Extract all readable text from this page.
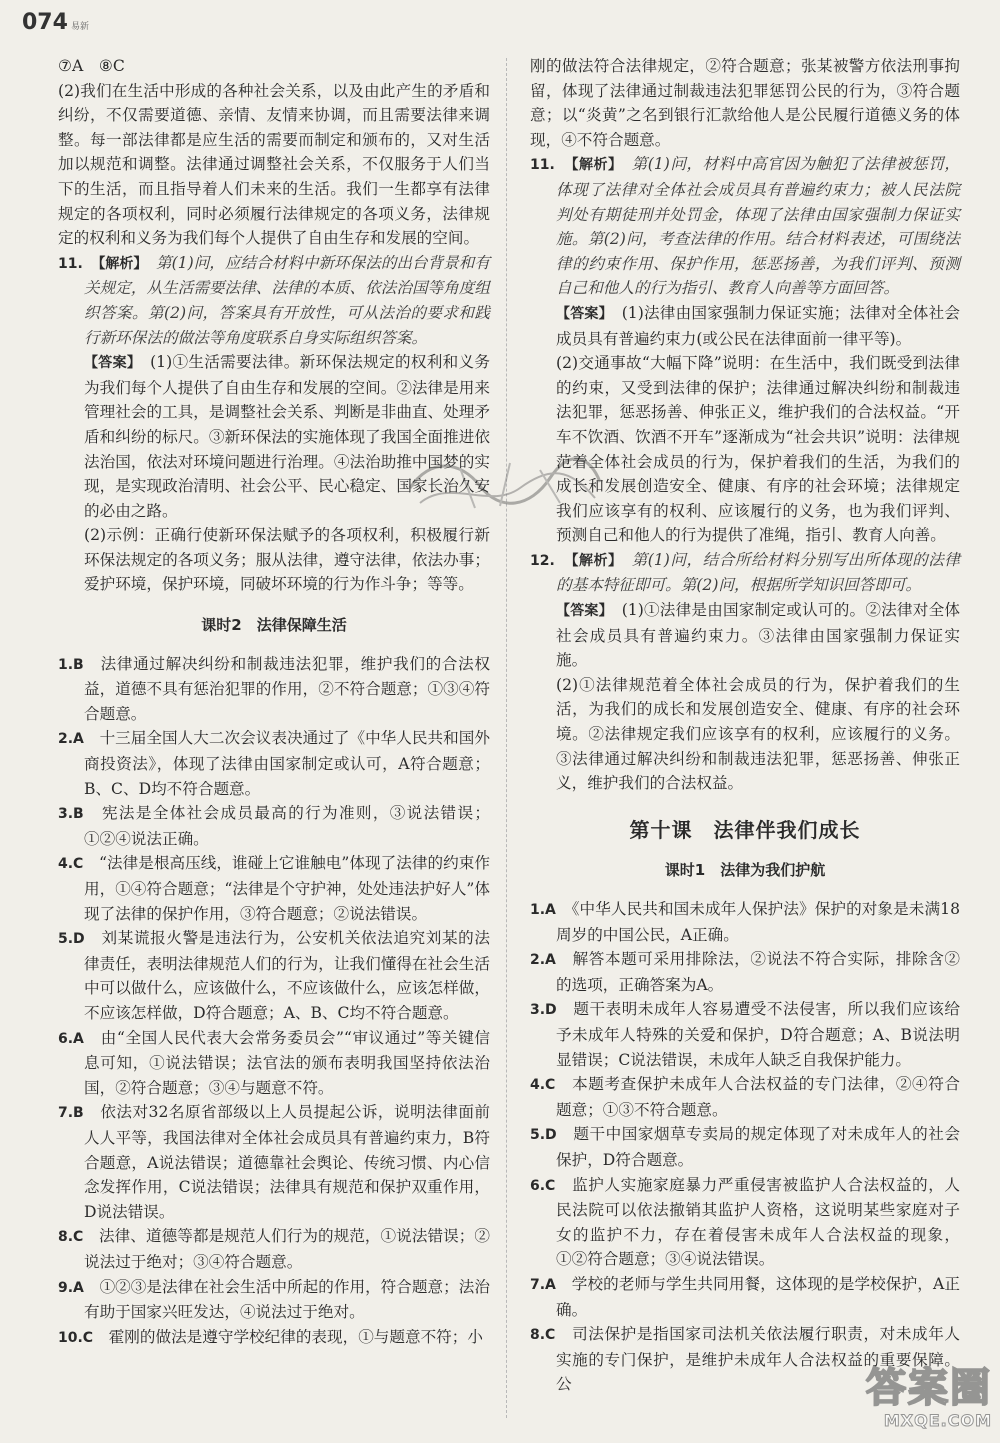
074 易新
⑦A　⑧C
(2)我们在生活中形成的各种社会关系，以及由此产生的矛盾和纠纷，不仅需要道德、亲情、友情来协调，而且需要法律来调整。每一部法律都是应生活的需要而制定和颁布的，又对生活加以规范和调整。法律通过调整社会关系，不仅服务于人们当下的生活，而且指导着人们未来的生活。我们一生都享有法律规定的各项权利，同时必须履行法律规定的各项义务，法律规定的权利和义务为我们每个人提供了自由生存和发展的空间。
11.　 【解析】　 第(1)问，应结合材料中新环保法的出台背景和有关规定，从生活需要法律、法律的本质、依法治国等角度组织答案。第(2)问，答案具有开放性，可从法治的要求和践行新环保法的做法等角度联系自身实际组织答案。
【答案】　 (1)①生活需要法律。新环保法规定的权利和义务为我们每个人提供了自由生存和发展的空间。②法律是用来管理社会的工具，是调整社会关系、判断是非曲直、处理矛盾和纠纷的标尺。③新环保法的实施体现了我国全面推进依法治国，依法对环境问题进行治理。④法治助推中国梦的实现，是实现政治清明、社会公平、民心稳定、国家长治久安的必由之路。
(2)示例：正确行使新环保法赋予的各项权利，积极履行新环保法规定的各项义务；服从法律，遵守法律，依法办事；爱护环境，保护环境，同破坏环境的行为作斗争；等等。
课时2　法律保障生活
1.B　 法律通过解决纠纷和制裁违法犯罪，维护我们的合法权益，道德不具有惩治犯罪的作用，②不符合题意；①③④符合题意。
2.A　 十三届全国人大二次会议表决通过了《中华人民共和国外商投资法》，体现了法律由国家制定或认可，A符合题意；B、C、D均不符合题意。
3.B　 宪法是全体社会成员最高的行为准则，③说法错误；①②④说法正确。
4.C　 “法律是根高压线，谁碰上它谁触电”体现了法律的约束作用，①④符合题意；“法律是个守护神，处处违法护好人”体现了法律的保护作用，③符合题意；②说法错误。
5.D　 刘某谎报火警是违法行为，公安机关依法追究刘某的法律责任，表明法律规范人们的行为，让我们懂得在社会生活中可以做什么，应该做什么，不应该做什么，应该怎样做，不应该怎样做，D符合题意；A、B、C均不符合题意。
6.A　 由“全国人民代表大会常务委员会”“审议通过”等关键信息可知，①说法错误；法官法的颁布表明我国坚持依法治国，②符合题意；③④与题意不符。
7.B　 依法对32名原省部级以上人员提起公诉，说明法律面前人人平等，我国法律对全体社会成员具有普遍约束力，B符合题意，A说法错误；道德靠社会舆论、传统习惯、内心信念发挥作用，C说法错误；法律具有规范和保护双重作用，D说法错误。
8.C　 法律、道德等都是规范人们行为的规范，①说法错误；②说法过于绝对；③④符合题意。
9.A　 ①②③是法律在社会生活中所起的作用，符合题意；法治有助于国家兴旺发达，④说法过于绝对。
10.C　 霍刚的做法是遵守学校纪律的表现，①与题意不符；小
刚的做法符合法律规定，②符合题意；张某被警方依法刑事拘留，体现了法律通过制裁违法犯罪惩罚公民的行为，③符合题意；以“炎黄”之名到银行汇款给他人是公民履行道德义务的体现，④不符合题意。
11.　 【解析】　 第(1)问，材料中高官因为触犯了法律被惩罚，体现了法律对全体社会成员具有普遍约束力；被人民法院判处有期徒刑并处罚金，体现了法律由国家强制力保证实施。第(2)问，考查法律的作用。结合材料表述，可围绕法律的约束作用、保护作用，惩恶扬善，为我们评判、预测自己和他人的行为指引、教育人向善等方面回答。
【答案】　 (1)法律由国家强制力保证实施；法律对全体社会成员具有普遍约束力(或公民在法律面前一律平等)。
(2)交通事故“大幅下降”说明：在生活中，我们既受到法律的约束，又受到法律的保护；法律通过解决纠纷和制裁违法犯罪，惩恶扬善、伸张正义，维护我们的合法权益。“开车不饮酒、饮酒不开车”逐渐成为“社会共识”说明：法律规范着全体社会成员的行为，保护着我们的生活，为我们的成长和发展创造安全、健康、有序的社会环境；法律规定我们应该享有的权利、应该履行的义务，也为我们评判、预测自己和他人的行为提供了准绳，指引、教育人向善。
12.　 【解析】　 第(1)问，结合所给材料分别写出所体现的法律的基本特征即可。第(2)问，根据所学知识回答即可。
【答案】　 (1)①法律是由国家制定或认可的。②法律对全体社会成员具有普遍约束力。③法律由国家强制力保证实施。
(2)①法律规范着全体社会成员的行为，保护着我们的生活，为我们的成长和发展创造安全、健康、有序的社会环境。②法律规定我们应该享有的权利，应该履行的义务。③法律通过解决纠纷和制裁违法犯罪，惩恶扬善、伸张正义，维护我们的合法权益。
第十课　法律伴我们成长
课时1　法律为我们护航
1.A　 《中华人民共和国未成年人保护法》保护的对象是未满18周岁的中国公民，A正确。
2.A　 解答本题可采用排除法，②说法不符合实际，排除含②的选项，正确答案为A。
3.D　 题干表明未成年人容易遭受不法侵害，所以我们应该给予未成年人特殊的关爱和保护，D符合题意；A、B说法明显错误；C说法错误，未成年人缺乏自我保护能力。
4.C　 本题考查保护未成年人合法权益的专门法律，②④符合题意；①③不符合题意。
5.D　 题干中国家烟草专卖局的规定体现了对未成年人的社会保护，D符合题意。
6.C　 监护人实施家庭暴力严重侵害被监护人合法权益的，人民法院可以依法撤销其监护人资格，这说明某些家庭对子女的监护不力，存在着侵害未成年人合法权益的现象，①②符合题意；③④说法错误。
7.A　 学校的老师与学生共同用餐，这体现的是学校保护，A正确。
8.C　 司法保护是指国家司法机关依法履行职责，对未成年人实施的专门保护，是维护未成年人合法权益的重要保障。公	答案圈
MXQE.COM
